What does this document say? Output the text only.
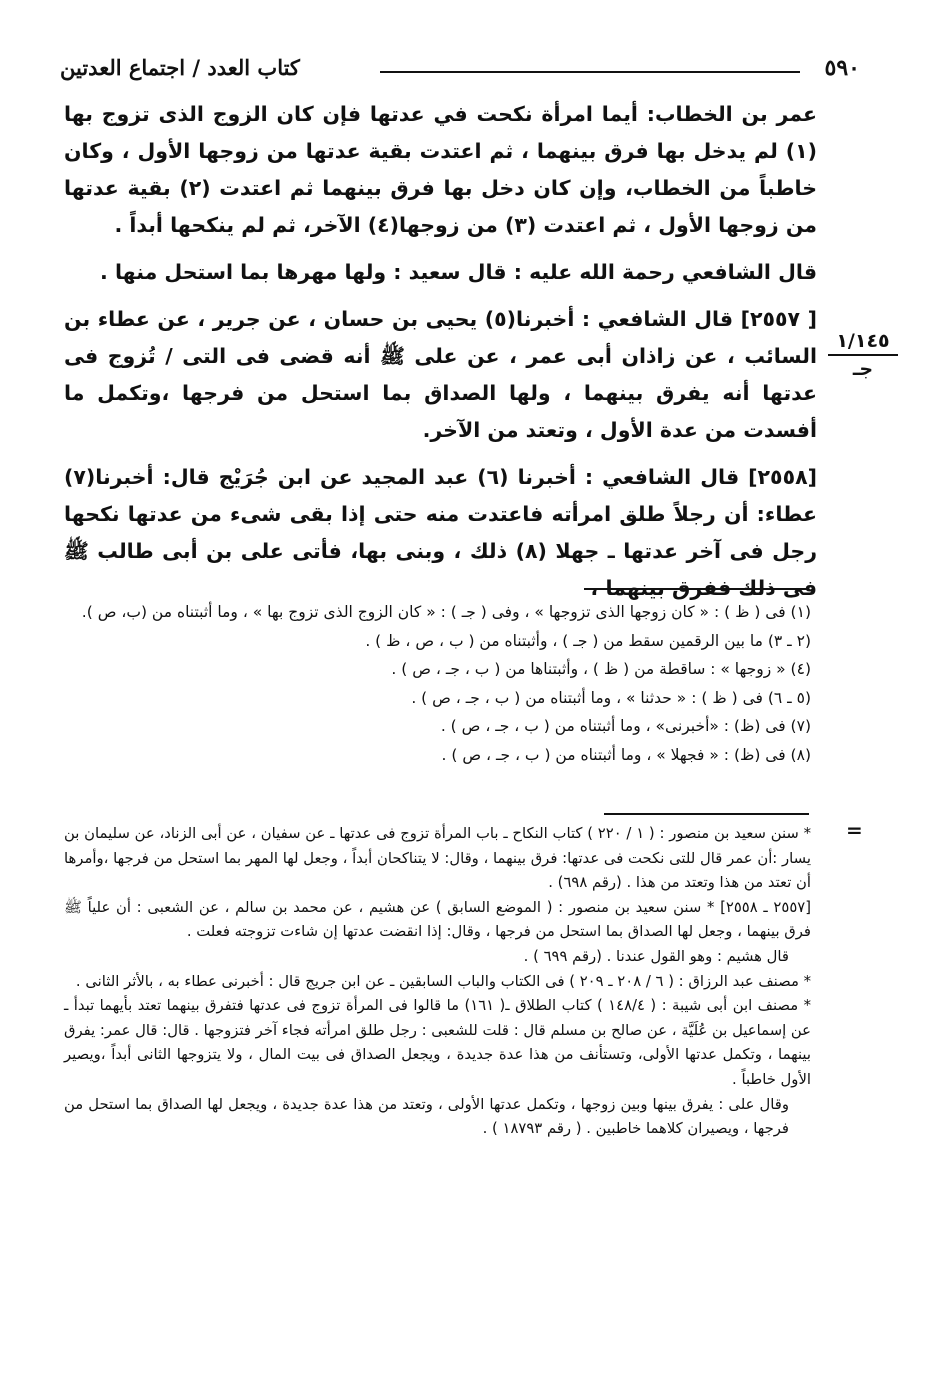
٥٩٠
كتاب العدد / اجتماع العدتين
١/١٤٥
جـ

عمر بن الخطاب: أيما امرأة نكحت في عدتها فإن كان الزوج الذى تزوج بها (١) لم يدخل بها فرق بينهما ، ثم اعتدت بقية عدتها من زوجها الأول ، وكان خاطباً من الخطاب، وإن كان دخل بها فرق بينهما ثم اعتدت (٢) بقية عدتها من زوجها الأول ، ثم اعتدت (٣) من زوجها(٤) الآخر، ثم لم ينكحها أبداً .

قال الشافعي رحمة الله عليه : قال سعيد : ولها مهرها بما استحل منها .

[ ٢٥٥٧] قال الشافعي : أخبرنا(٥) يحيى بن حسان ، عن جرير ، عن عطاء بن السائب ، عن زاذان أبى عمر ، عن على ﷺ أنه قضى فى التى / تُزوج فى عدتها أنه يفرق بينهما ، ولها الصداق بما استحل من فرجها ،وتكمل ما أفسدت من عدة الأول ، وتعتد من الآخر.

[٢٥٥٨] قال الشافعي : أخبرنا (٦) عبد المجيد عن ابن جُرَيْج قال: أخبرنا(٧) عطاء: أن رجلاً طلق امرأته فاعتدت منه حتى إذا بقى شىء من عدتها نكحها رجل فى آخر عدتها ـ جهلا (٨) ذلك ، وبنى بها، فأتى على بن أبى طالب ﷺ فى ذلك ففرق بينهما ،

(١) فى ( ظ ) : « كان زوجها الذى تزوجها » ، وفى ( جـ ) : « كان الزوج الذى تزوج بها » ، وما أثبتناه من (ب، ص ).
(٢ ـ ٣) ما بين الرقمين سقط من ( جـ ) ، وأثبتناه من ( ب ، ص ، ظ ) .
(٤) « زوجها » : ساقطة من ( ظ ) ، وأثبتناها من ( ب ، جـ ، ص ) .
(٥ ـ ٦) فى ( ظ ) : « حدثنا » ، وما أثبتناه من ( ب ، جـ ، ص ) .
(٧) فى (ظ) : «أخبرنى» ، وما أثبتناه من ( ب ، جـ ، ص ) .
(٨) فى (ظ) : « فجهلا » ، وما أثبتناه من ( ب ، جـ ، ص ) .
=
* سنن سعيد بن منصور : ( ١ / ٢٢٠ ) كتاب النكاح ـ باب المرأة تزوج فى عدتها ـ عن سفيان ، عن أبى الزناد، عن سليمان بن يسار :أن عمر قال للتى نكحت فى عدتها: فرق بينهما ، وقال: لا يتناكحان أبداً ، وجعل لها المهر بما استحل من فرجها ،وأمرها أن تعتد من هذا وتعتد من هذا . (رقم ٦٩٨) .
[٢٥٥٧ ـ ٢٥٥٨] * سنن سعيد بن منصور : ( الموضع السابق ) عن هشيم ، عن محمد بن سالم ، عن الشعبى : أن علياً ﷺ فرق بينهما ، وجعل لها الصداق بما استحل من فرجها ، وقال: إذا انقضت عدتها إن شاءت تزوجته فعلت .
قال هشيم : وهو القول عندنا . (رقم ٦٩٩ ) .
* مصنف عبد الرزاق : ( ٦ / ٢٠٨ ـ ٢٠٩ ) فى الكتاب والباب السابقين ـ عن ابن جريج قال : أخبرنى عطاء به ، بالأثر الثانى .
* مصنف ابن أبى شيبة : ( ١٤٨/٤ ) كتاب الطلاق ـ( ١٦١) ما قالوا فى المرأة تزوج فى عدتها فتفرق بينهما تعتد بأيهما تبدأ ـ عن إسماعيل بن عُلَيَّة ، عن صالح بن مسلم قال : قلت للشعبى : رجل طلق امرأته فجاء آخر فتزوجها . قال: قال عمر: يفرق بينهما ، وتكمل عدتها الأولى، وتستأنف من هذا عدة جديدة ، ويجعل الصداق فى بيت المال ، ولا يتزوجها الثانى أبداً ،ويصير الأول خاطباً .
وقال على : يفرق بينها وبين زوجها ، وتكمل عدتها الأولى ، وتعتد من هذا عدة جديدة ، ويجعل لها الصداق بما استحل من فرجها ، ويصيران كلاهما خاطبين . ( رقم ١٨٧٩٣ ) .
